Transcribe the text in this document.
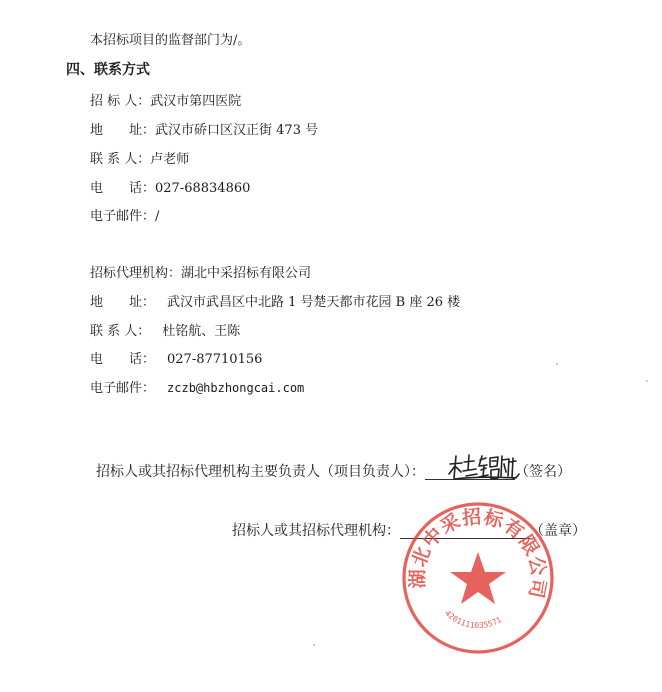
本招标项目的监督部门为/。
四、联系方式
招 标 人：武汉市第四医院
地　　址：武汉市硚口区汉正街 473 号
联 系 人：卢老师
电　　话：027-68834860
电子邮件：/
招标代理机构：湖北中采招标有限公司
地　　址： 武汉市武昌区中北路 1 号楚天都市花园 B 座 26 楼
联 系 人： 杜铭航、王陈
电　　话： 027-87710156
电子邮件： zczb@hbzhongcai.com
招标人或其招标代理机构主要负责人（项目负责人）：	（签名）
招标人或其招标代理机构：	（盖章）
湖北中采招标有限公司
4201111035571
